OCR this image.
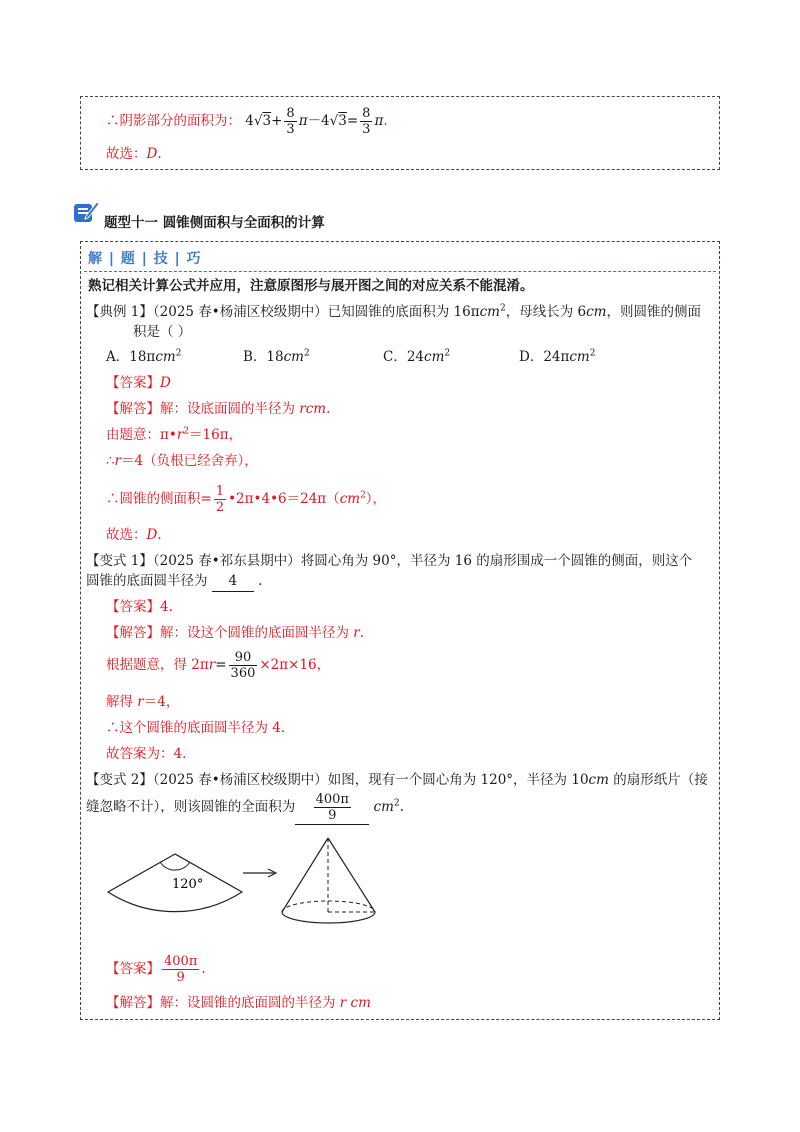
∴阴影部分的面积为： $4√3+ \frac{8}{3} \pi-4√3= \frac{8}{3} \pi$.
故选：D.
题型十一 圆锥侧面积与全面积的计算
解 | 题 | 技 | 巧
熟记相关计算公式并应用，注意原图形与展开图之间的对应关系不能混淆。
【典例 1】（2025 春•杨浦区校级期中）已知圆锥的底面积为 16πcm$^2$，母线长为 6cm，则圆锥的侧面
积是（ ）
A．18πcm$^2$	B．$18cm^2$	C．$24cm^2$	D．24πcm$^2$
【答案】D
【解答】解：设底面圆的半径为 rcm.
由题意：$\pi•r^2=16\pi$，
∴r＝4（负根已经舍弃），
∴圆锥的侧面积= $\frac{1}{2}$ $•2\pi•4•6=24\pi(cm^2)$，
故选：D.
【变式 1】（2025 春•祁东县期中）将圆心角为 90°，半径为 16 的扇形围成一个圆锥的侧面，则这个
圆锥的底面圆半径为 4 .
【答案】4.
【解答】解：设这个圆锥的底面圆半径为 r.
根据题意，得 $2\pi r= \frac{90}{360} \times 2\pi\times 16$，
解得 r＝4，
∴这个圆锥的底面圆半径为 4.
故答案为：4.
【变式 2】（2025 春•杨浦区校级期中）如图，现有一个圆心角为 120°，半径为 10cm 的扇形纸片（接
缝忽略不计），则该圆锥的全面积为 $\frac{400\pi}{9} cm^2$.
120°
【答案】 $\frac{400\pi}{9}$ .
【解答】解：设圆锥的底面圆的半径为 r cm
